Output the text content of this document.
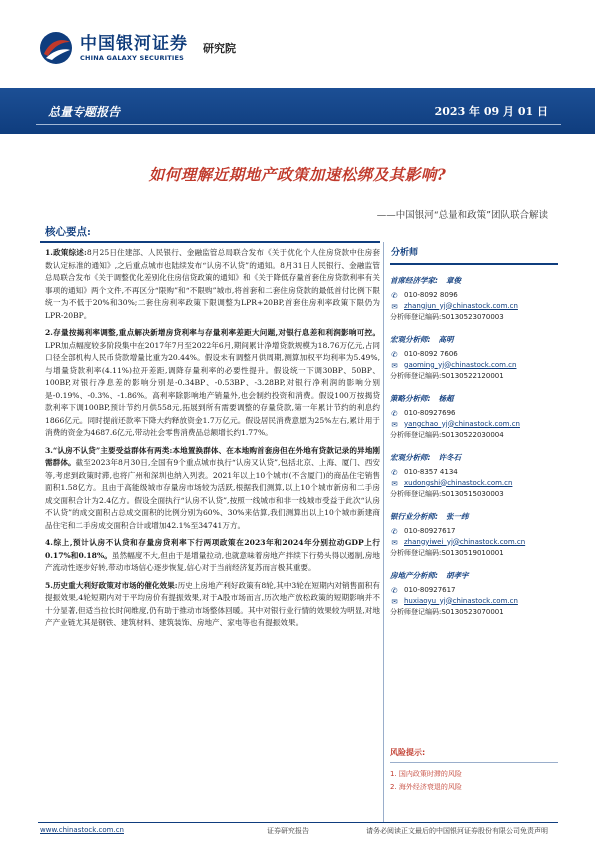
中国银河证券
CHINA GALAXY SECURITIES
研究院
总量专题报告	2023 年 09 月 01 日
如何理解近期地产政策加速松绑及其影响?
——中国银河“总量和政策”团队联合解读
核心要点:

1.政策综述:8月25日住建部、人民银行、金融监管总局联合发布《关于优化个人住房贷款中住房套数认定标准的通知》,之后重点城市也陆续发布“认房不认贷”的通知。8月31日人民银行、金融监管总局联合发布《关于调整优化差别化住房信贷政策的通知》和《关于降低存量首套住房贷款利率有关事项的通知》两个文件,不再区分“限购”和“不限购”城市,将首套和二套住房贷款的最低首付比例下限统一为不低于20%和30%;二套住房利率政策下限调整为LPR+20BP,首套住房利率政策下限仍为LPR-20BP。

2.存量按揭利率调整,重点解决新增房贷利率与存量利率差距大问题,对银行息差和利润影响可控。LPR加点幅度较多阶段集中在2017年7月至2022年6月,期间累计净增贷款规模为18.76万亿元,占同口径全部机构人民币贷款增量比重为20.44%。假设未有调整月供周期,测算加权平均利率为5.49%,与增量贷款利率(4.11%)拉开差距,调降存量利率的必要性提升。假设统一下调30BP、50BP、100BP,对银行净息差的影响分别是-0.34BP、-0.53BP、-3.28BP,对银行净利润的影响分别是-0.19%、-0.3%、-1.86%。高利率除影响地产销量外,也会制约投资和消费。假设100万按揭贷款利率下调100BP,预计节约月供558元,拓展到所有需要调整的存量贷款,第一年累计节约的利息约1866亿元。同时提前还款率下降大约释放资金1.7万亿元。假设居民消费意愿为25%左右,累计用于消费的资金为4687.6亿元,带动社会零售消费品总额增长约1.77%。

3.“认房不认贷”主要受益群体有两类:本地置换群体、在本地购首套房但在外地有贷款记录的异地刚需群体。截至2023年8月30日,全国有9个重点城市执行“认房又认贷”,包括北京、上海、厦门、西安等,考虑到政策时滞,也将广州和深圳也纳入列表。2021年以上10个城市(不含厦门)的商品住宅销售面积1.58亿方。且由于高能级城市存量房市场较为活跃,根据我们测算,以上10个城市新房和二手房成交面积合计为2.4亿方。假设全面执行“认房不认贷”,按照一线城市和非一线城市受益于此次“认房不认贷”的成交面积占总成交面积的比例分别为60%、30%来估算,我们测算出以上10个城市新建商品住宅和二手房成交面积合计或增加42.1%至34741万方。

4.综上,预计认房不认贷和存量房贷利率下行两项政策在2023年和2024年分别拉动GDP上行0.17%和0.18%。虽然幅度不大,但由于是增量拉动,也就意味着房地产拌续下行势头得以遏制,房地产流动性逐步好转,带动市场信心逐步恢复,信心对于当前经济复苏而言极其重要。

5.历史重大利好政策对市场的催化效果:历史上房地产利好政策有8轮,其中3轮在短期内对销售面积有提振效果,4轮短期内对于平均房价有提振效果,对于A股市场而言,历次地产放松政策的短期影响并不十分显著,但适当拉长时间维度,仍有助于推动市场整体回暖。其中对银行业行情的效果较为明显,对地产产业链尤其是钢铁、建筑材料、建筑装饰、房地产、家电等也有提振效果。

分析师
首席经济学家: 章俊
✆ 010-8092 8096
✉ zhangjun_yj@chinastock.com.cn
分析师登记编码:S0130523070003
宏观分析师: 高明
✆ 010-8092 7606
✉ gaoming_yj@chinastock.com.cn
分析师登记编码:S0130522120001
策略分析师: 杨超
✆ 010-80927696
✉ yangchao_yj@chinastock.com.cn
分析师登记编码:S0130522030004
宏观分析师: 许冬石
✆ 010-8357 4134
✉ xudongshi@chinastock.com.cn
分析师登记编码:S0130515030003
银行业分析师: 张一纬
✆ 010-80927617
✉ zhangyiwei_yj@chinastock.com.cn
分析师登记编码:S0130519010001
房地产分析师: 胡孝宇
✆ 010-80927617
✉ huxiaoyu_yj@chinastock.com.cn
分析师登记编码:S0130523070001
风险提示:
1. 国内政策时滞的风险
2. 海外经济衰退的风险
www.chinastock.com.cn	证券研究报告	请务必阅读正文最后的中国银河证券股份有限公司免责声明
